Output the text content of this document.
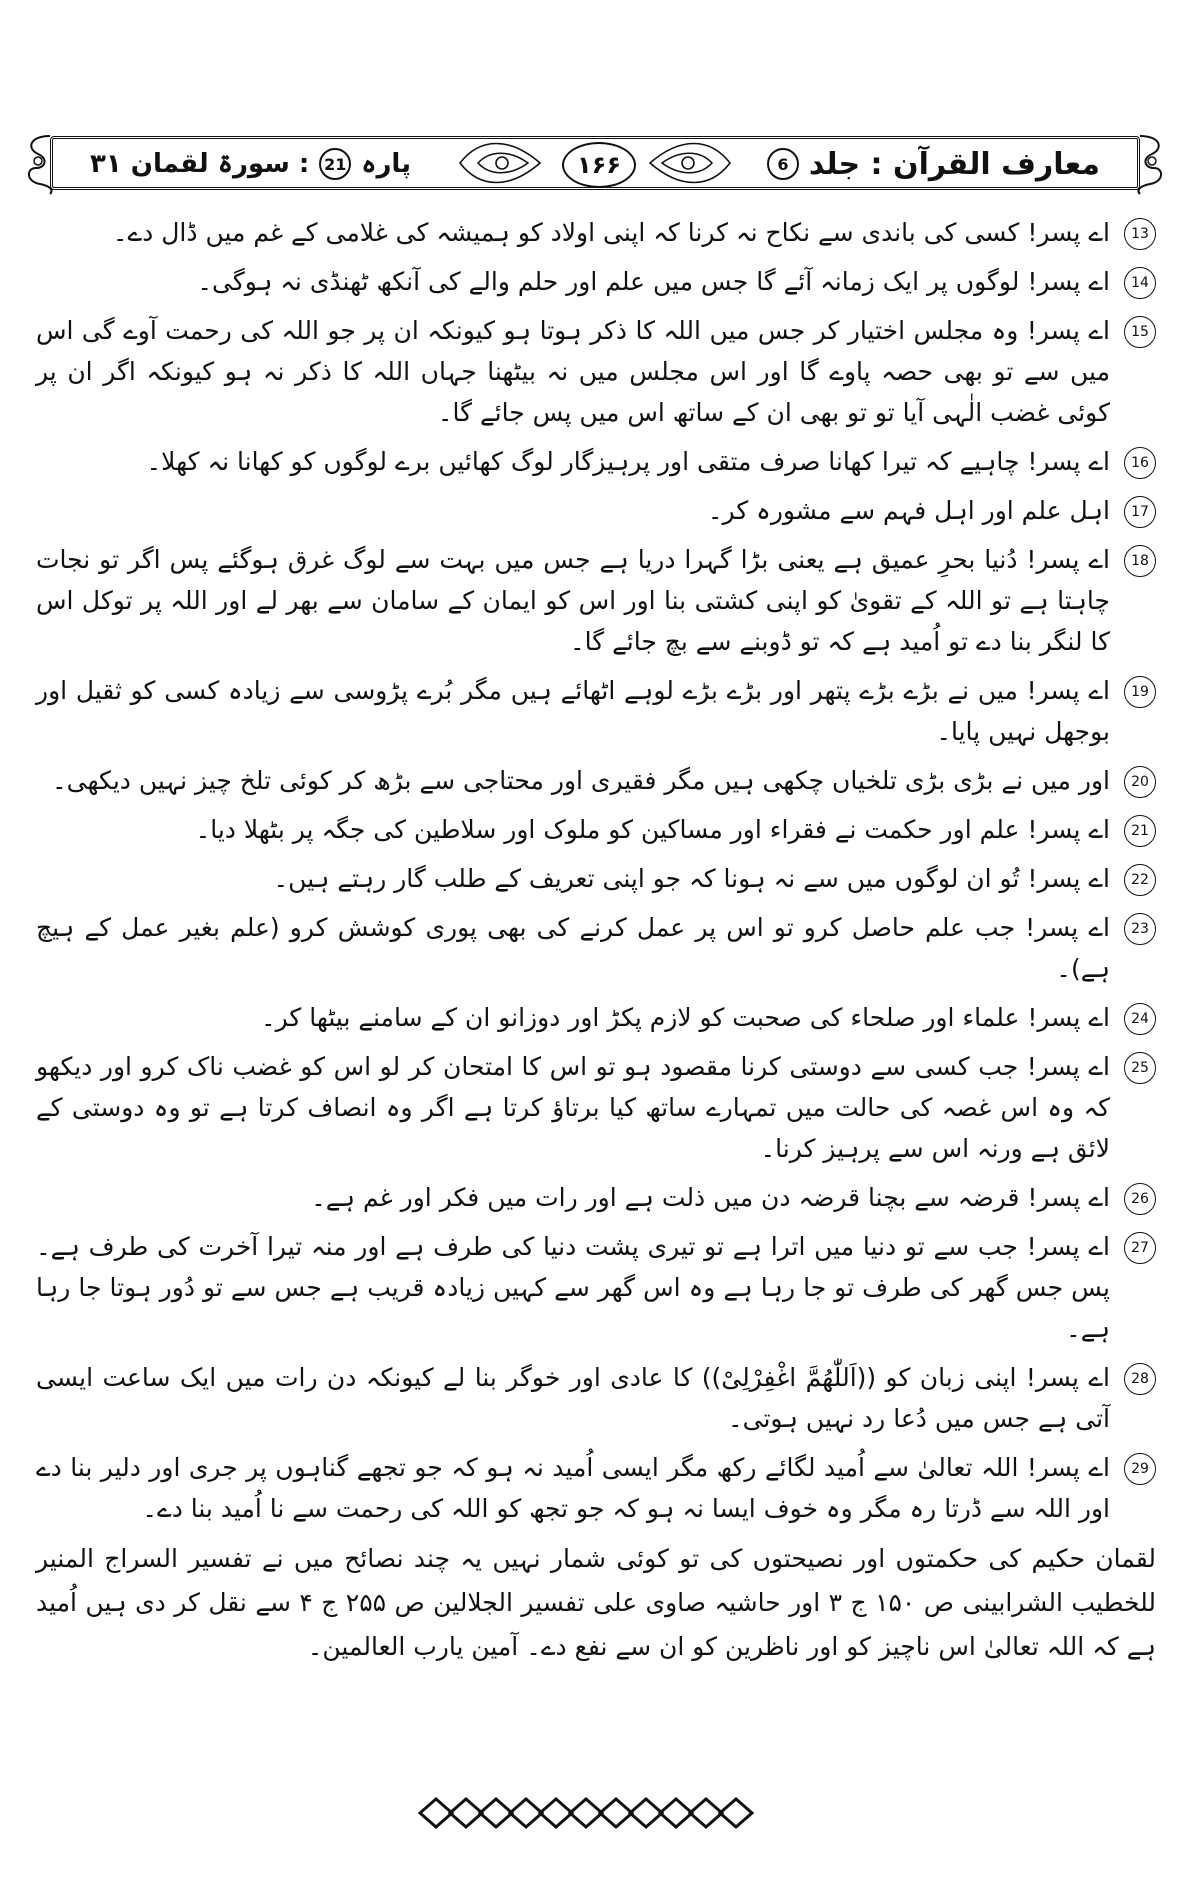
معارف القرآن : جلد
6
۱۶۶
پارہ
21
: سورۃ لقمان ۳۱
13
اے پسر! کسی کی باندی سے نکاح نہ کرنا کہ اپنی اولاد کو ہمیشہ کی غلامی کے غم میں ڈال دے۔
14
اے پسر! لوگوں پر ایک زمانہ آئے گا جس میں علم اور حلم والے کی آنکھ ٹھنڈی نہ ہوگی۔
15
اے پسر! وہ مجلس اختیار کر جس میں اللہ کا ذکر ہوتا ہو کیونکہ ان پر جو اللہ کی رحمت آوے گی اس میں سے تو بھی حصہ پاوے گا اور اس مجلس میں نہ بیٹھنا جہاں اللہ کا ذکر نہ ہو کیونکہ اگر ان پر کوئی غضب الٰہی آیا تو تو بھی ان کے ساتھ اس میں پس جائے گا۔
16
اے پسر! چاہیے کہ تیرا کھانا صرف متقی اور پرہیزگار لوگ کھائیں برے لوگوں کو کھانا نہ کھلا۔
17
اہل علم اور اہل فہم سے مشورہ کر۔
18
اے پسر! دُنیا بحرِ عمیق ہے یعنی بڑا گہرا دریا ہے جس میں بہت سے لوگ غرق ہوگئے پس اگر تو نجات چاہتا ہے تو اللہ کے تقویٰ کو اپنی کشتی بنا اور اس کو ایمان کے سامان سے بھر لے اور اللہ پر توکل اس کا لنگر بنا دے تو اُمید ہے کہ تو ڈوبنے سے بچ جائے گا۔
19
اے پسر! میں نے بڑے بڑے پتھر اور بڑے بڑے لوہے اٹھائے ہیں مگر بُرے پڑوسی سے زیادہ کسی کو ثقیل اور بوجھل نہیں پایا۔
20
اور میں نے بڑی بڑی تلخیاں چکھی ہیں مگر فقیری اور محتاجی سے بڑھ کر کوئی تلخ چیز نہیں دیکھی۔
21
اے پسر! علم اور حکمت نے فقراء اور مساکین کو ملوک اور سلاطین کی جگہ پر بٹھلا دیا۔
22
اے پسر! تُو ان لوگوں میں سے نہ ہونا کہ جو اپنی تعریف کے طلب گار رہتے ہیں۔
23
اے پسر! جب علم حاصل کرو تو اس پر عمل کرنے کی بھی پوری کوشش کرو (علم بغیر عمل کے ہیچ ہے)۔
24
اے پسر! علماء اور صلحاء کی صحبت کو لازم پکڑ اور دوزانو ان کے سامنے بیٹھا کر۔
25
اے پسر! جب کسی سے دوستی کرنا مقصود ہو تو اس کا امتحان کر لو اس کو غضب ناک کرو اور دیکھو کہ وہ اس غصہ کی حالت میں تمہارے ساتھ کیا برتاؤ کرتا ہے اگر وہ انصاف کرتا ہے تو وہ دوستی کے لائق ہے ورنہ اس سے پرہیز کرنا۔
26
اے پسر! قرضہ سے بچنا قرضہ دن میں ذلت ہے اور رات میں فکر اور غم ہے۔
27
اے پسر! جب سے تو دنیا میں اترا ہے تو تیری پشت دنیا کی طرف ہے اور منہ تیرا آخرت کی طرف ہے۔ پس جس گھر کی طرف تو جا رہا ہے وہ اس گھر سے کہیں زیادہ قریب ہے جس سے تو دُور ہوتا جا رہا ہے۔
28
اے پسر! اپنی زبان کو ((اَللّٰھُمَّ اغْفِرْلِیْ)) کا عادی اور خوگر بنا لے کیونکہ دن رات میں ایک ساعت ایسی آتی ہے جس میں دُعا رد نہیں ہوتی۔
29
اے پسر! اللہ تعالیٰ سے اُمید لگائے رکھ مگر ایسی اُمید نہ ہو کہ جو تجھے گناہوں پر جری اور دلیر بنا دے اور اللہ سے ڈرتا رہ مگر وہ خوف ایسا نہ ہو کہ جو تجھ کو اللہ کی رحمت سے نا اُمید بنا دے۔

لقمان حکیم کی حکمتوں اور نصیحتوں کی تو کوئی شمار نہیں یہ چند نصائح میں نے تفسیر السراج المنیر للخطیب الشرابینی ص ۱۵۰ ج ۳ اور حاشیہ صاوی علی تفسیر الجلالین ص ۲۵۵ ج ۴ سے نقل کر دی ہیں اُمید ہے کہ اللہ تعالیٰ اس ناچیز کو اور ناظرین کو ان سے نفع دے۔ آمین یارب العالمین۔
